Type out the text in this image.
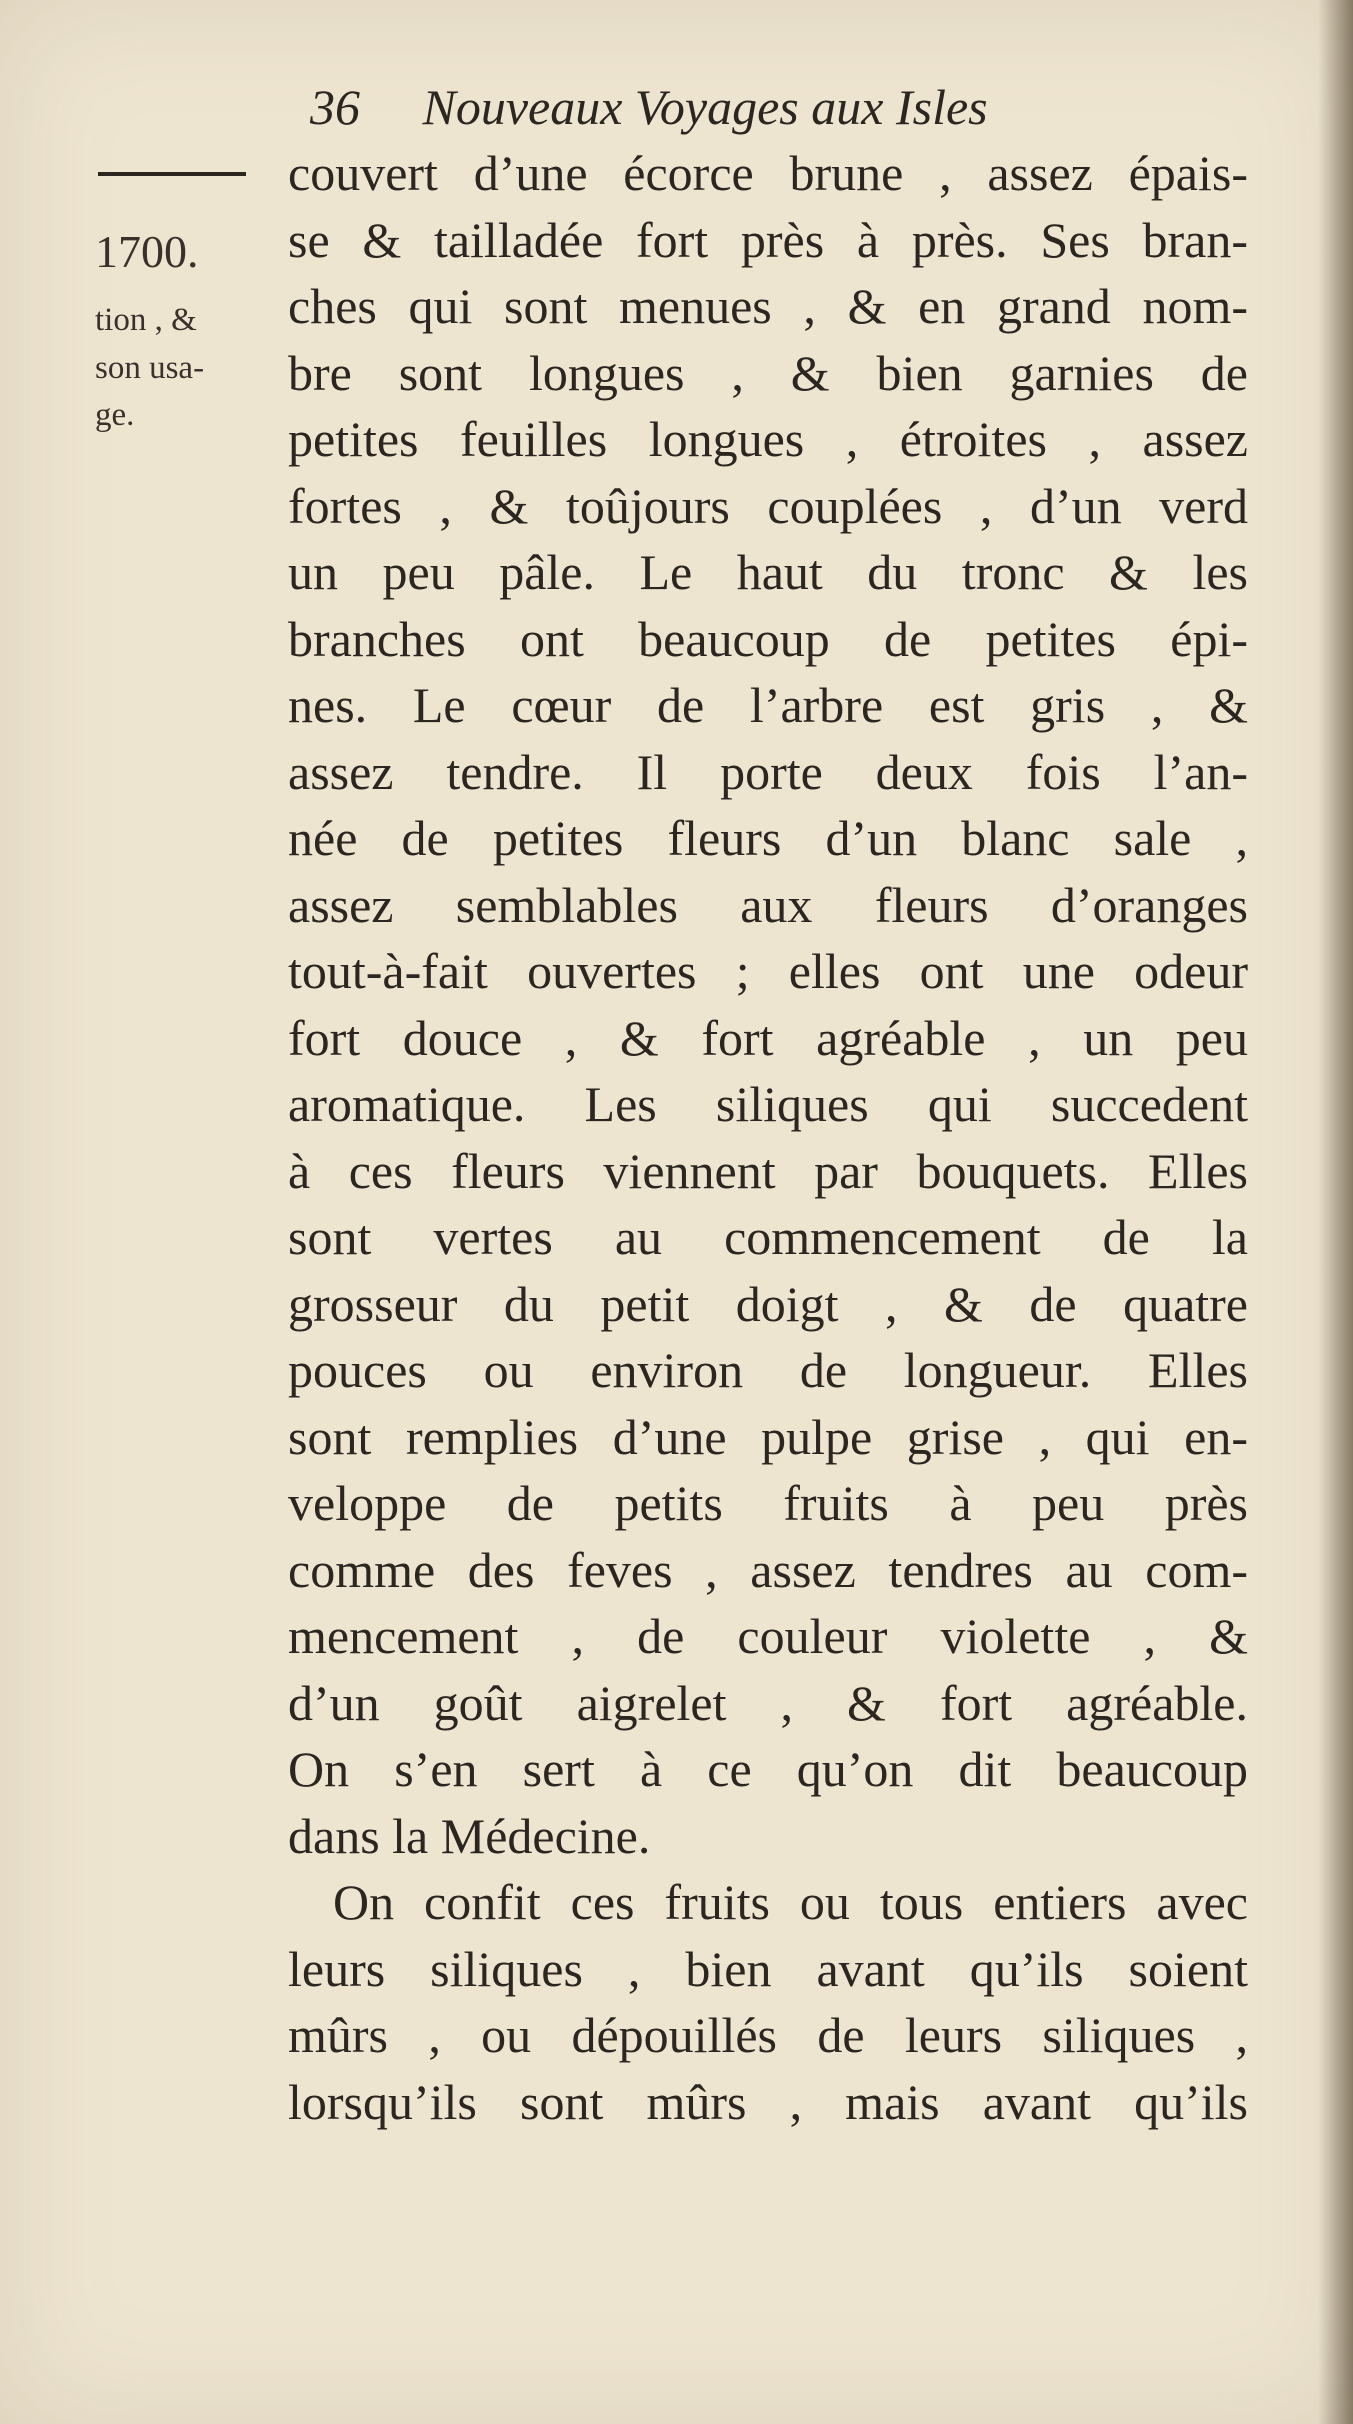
36 Nouveaux Voyages aux Isles
1700.
tion , &
son usa-
ge.
couvert d’une écorce brune , assez épais-
se & tailladée fort près à près. Ses bran-
ches qui sont menues , & en grand nom-
bre sont longues , & bien garnies de
petites feuilles longues , étroites , assez
fortes , & toûjours couplées , d’un verd
un peu pâle. Le haut du tronc & les
branches ont beaucoup de petites épi-
nes. Le cœur de l’arbre est gris , &
assez tendre. Il porte deux fois l’an-
née de petites fleurs d’un blanc sale ,
assez semblables aux fleurs d’oranges
tout-à-fait ouvertes ; elles ont une odeur
fort douce , & fort agréable , un peu
aromatique. Les siliques qui succedent
à ces fleurs viennent par bouquets. Elles
sont vertes au commencement de la
grosseur du petit doigt , & de quatre
pouces ou environ de longueur. Elles
sont remplies d’une pulpe grise , qui en-
veloppe de petits fruits à peu près
comme des feves , assez tendres au com-
mencement , de couleur violette , &
d’un goût aigrelet , & fort agréable.
On s’en sert à ce qu’on dit beaucoup
dans la Médecine.
On confit ces fruits ou tous entiers avec
leurs siliques , bien avant qu’ils soient
mûrs , ou dépouillés de leurs siliques ,
lorsqu’ils sont mûrs , mais avant qu’ils
